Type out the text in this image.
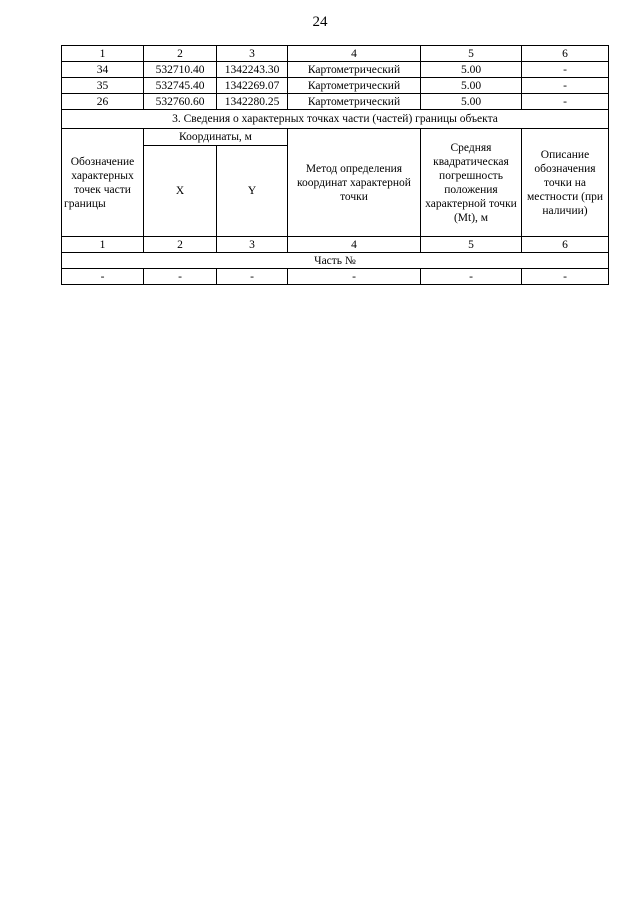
24
1	2	3	4	5	6
34	532710.40	1342243.30	Картометрический	5.00	-
35	532745.40	1342269.07	Картометрический	5.00	-
26	532760.60	1342280.25	Картометрический	5.00	-
3. Сведения о характерных точках части (частей) границы объекта					
Обозначение характерных точек части границы	Координаты, м		Метод определения координат характерной точки	Средняя квадратическая погрешность положения характерной точки (Mt), м	Описание обозначения точки на местности (при наличии)
	X	Y			
1	2	3	4	5	6
Часть №					
-	-	-	-	-	-
